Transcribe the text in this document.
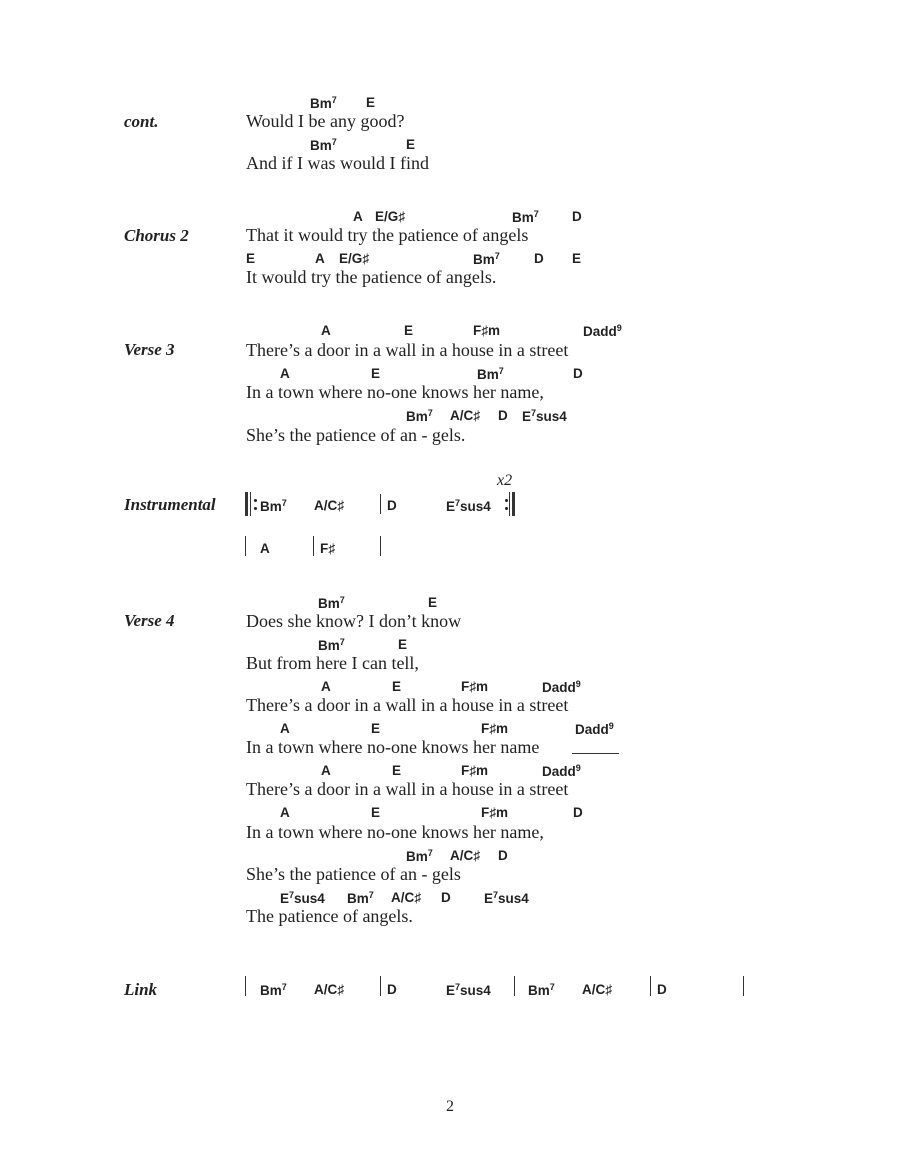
cont.
Chorus 2
Verse 3
Instrumental
Verse 4
Link
Bm$^7$ E
Would I be any good?
Bm$^7$	E
And if I was would I find
A E/G♯	Bm$^7$ D
That it would try the patience of angels
E	A E/G♯	Bm$^7$	D E
It would try the patience of angels.
A	E	F♯m	Dadd$^9$
There’s a door in a wall in a house in a street
A	E	Bm$^7$	D
In a town where no-one knows her name,
Bm$^7$ A/C♯ D $E^7sus4$
She’s the patience of an - gels.
x2
Bm$^7$ A/C♯	D	$E^7sus4$
A	F♯
Bm$^7$	E
Does she know? I don’t know
Bm$^7$	E
But from here I can tell,
A	E	F♯m	Dadd$^9$
There’s a door in a wall in a house in a street
A	E	F♯m	Dadd$^9$
In a town where no-one knows her name
A	E	F♯m	Dadd$^9$
There’s a door in a wall in a house in a street
A	E	F♯m	D
In a town where no-one knows her name,
Bm$^7$ A/C♯ D
She’s the patience of an - gels
$E^7sus4$ Bm$^7$ A/C♯ D $E^7sus4$
The patience of angels.
Bm$^7$ A/C♯	D	$E^7sus4$	Bm$^7$ A/C♯	D
2
